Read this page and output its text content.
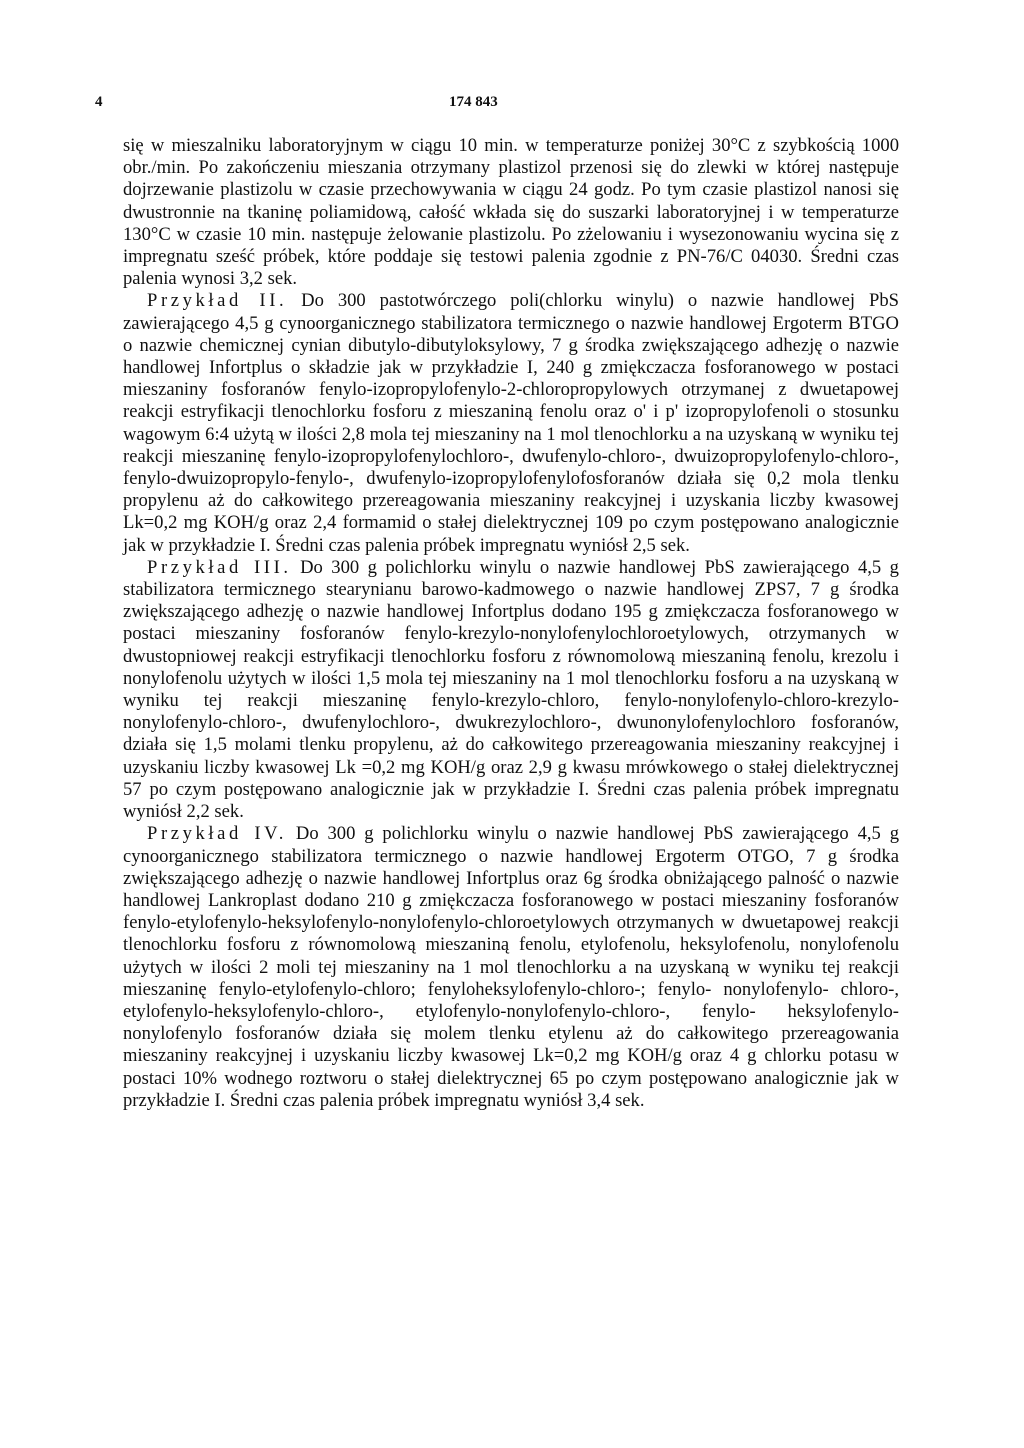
4	174 843

się w mieszalniku laboratoryjnym w ciągu 10 min. w temperaturze poniżej 30°C z szybkością 1000 obr./min. Po zakończeniu mieszania otrzymany plastizol przenosi się do zlewki w której następuje dojrzewanie plastizolu w czasie przechowywania w ciągu 24 godz. Po tym czasie plastizol nanosi się dwustronnie na tkaninę poliamidową, całość wkłada się do suszarki laboratoryjnej i w temperaturze 130°C w czasie 10 min. następuje żelowanie plastizolu. Po zżelowaniu i wysezonowaniu wycina się z impregnatu sześć próbek, które poddaje się testowi palenia zgodnie z PN-76/C 04030. Średni czas palenia wynosi 3,2 sek.

Przykład II. Do 300 pastotwórczego poli(chlorku winylu) o nazwie handlowej PbS zawierającego 4,5 g cynoorganicznego stabilizatora termicznego o nazwie handlowej Ergoterm BTGO o nazwie chemicznej cynian dibutylo-dibutyloksylowy, 7 g środka zwiększającego adhezję o nazwie handlowej Infortplus o składzie jak w przykładzie I, 240 g zmiękczacza fosforanowego w postaci mieszaniny fosforanów fenylo-izopropylofenylo-2-chloropropylowych otrzymanej z dwuetapowej reakcji estryfikacji tlenochlorku fosforu z mieszaniną fenolu oraz o' i p' izopropylofenoli o stosunku wagowym 6:4 użytą w ilości 2,8 mola tej mieszaniny na 1 mol tlenochlorku a na uzyskaną w wyniku tej reakcji mieszaninę fenylo-izopropylofenylochloro-, dwufenylo-chloro-, dwuizopropylofenylo-chloro-, fenylo-dwuizopropylo-fenylo-, dwufenylo-izopropylofenylofosforanów działa się 0,2 mola tlenku propylenu aż do całkowitego przereagowania mieszaniny reakcyjnej i uzyskania liczby kwasowej Lk=0,2 mg KOH/g oraz 2,4 formamid o stałej dielektrycznej 109 po czym postępowano analogicznie jak w przykładzie I. Średni czas palenia próbek impregnatu wyniósł 2,5 sek.

Przykład III. Do 300 g polichlorku winylu o nazwie handlowej PbS zawierającego 4,5 g stabilizatora termicznego stearynianu barowo-kadmowego o nazwie handlowej ZPS7, 7 g środka zwiększającego adhezję o nazwie handlowej Infortplus dodano 195 g zmiękczacza fosforanowego w postaci mieszaniny fosforanów fenylo-krezylo-nonylofenylochloroetylowych, otrzymanych w dwustopniowej reakcji estryfikacji tlenochlorku fosforu z równomolową mieszaniną fenolu, krezolu i nonylofenolu użytych w ilości 1,5 mola tej mieszaniny na 1 mol tlenochlorku fosforu a na uzyskaną w wyniku tej reakcji mieszaninę fenylo-krezylo-chloro, fenylo-nonylofenylo-chloro-krezylo-nonylofenylo-chloro-, dwufenylochloro-, dwukrezylochloro-, dwunonylofenylochloro fosforanów, działa się 1,5 molami tlenku propylenu, aż do całkowitego przereagowania mieszaniny reakcyjnej i uzyskaniu liczby kwasowej Lk =0,2 mg KOH/g oraz 2,9 g kwasu mrówkowego o stałej dielektrycznej 57 po czym postępowano analogicznie jak w przykładzie I. Średni czas palenia próbek impregnatu wyniósł 2,2 sek.

Przykład IV. Do 300 g polichlorku winylu o nazwie handlowej PbS zawierającego 4,5 g cynoorganicznego stabilizatora termicznego o nazwie handlowej Ergoterm OTGO, 7 g środka zwiększającego adhezję o nazwie handlowej Infortplus oraz 6g środka obniżającego palność o nazwie handlowej Lankroplast dodano 210 g zmiękczacza fosforanowego w postaci mieszaniny fosforanów fenylo-etylofenylo-heksylofenylo-nonylofenylo-chloroetylowych otrzymanych w dwuetapowej reakcji tlenochlorku fosforu z równomolową mieszaniną fenolu, etylofenolu, heksylofenolu, nonylofenolu użytych w ilości 2 moli tej mieszaniny na 1 mol tlenochlorku a na uzyskaną w wyniku tej reakcji mieszaninę fenylo-etylofenylo-chloro; fenyloheksylofenylo-chloro-; fenylo- nonylofenylo- chloro-, etylofenylo-heksylofenylo-chloro-, etylofenylo-nonylofenylo-chloro-, fenylo- heksylofenylo-nonylofenylo fosforanów działa się molem tlenku etylenu aż do całkowitego przereagowania mieszaniny reakcyjnej i uzyskaniu liczby kwasowej Lk=0,2 mg KOH/g oraz 4 g chlorku potasu w postaci 10% wodnego roztworu o stałej dielektrycznej 65 po czym postępowano analogicznie jak w przykładzie I. Średni czas palenia próbek impregnatu wyniósł 3,4 sek.
